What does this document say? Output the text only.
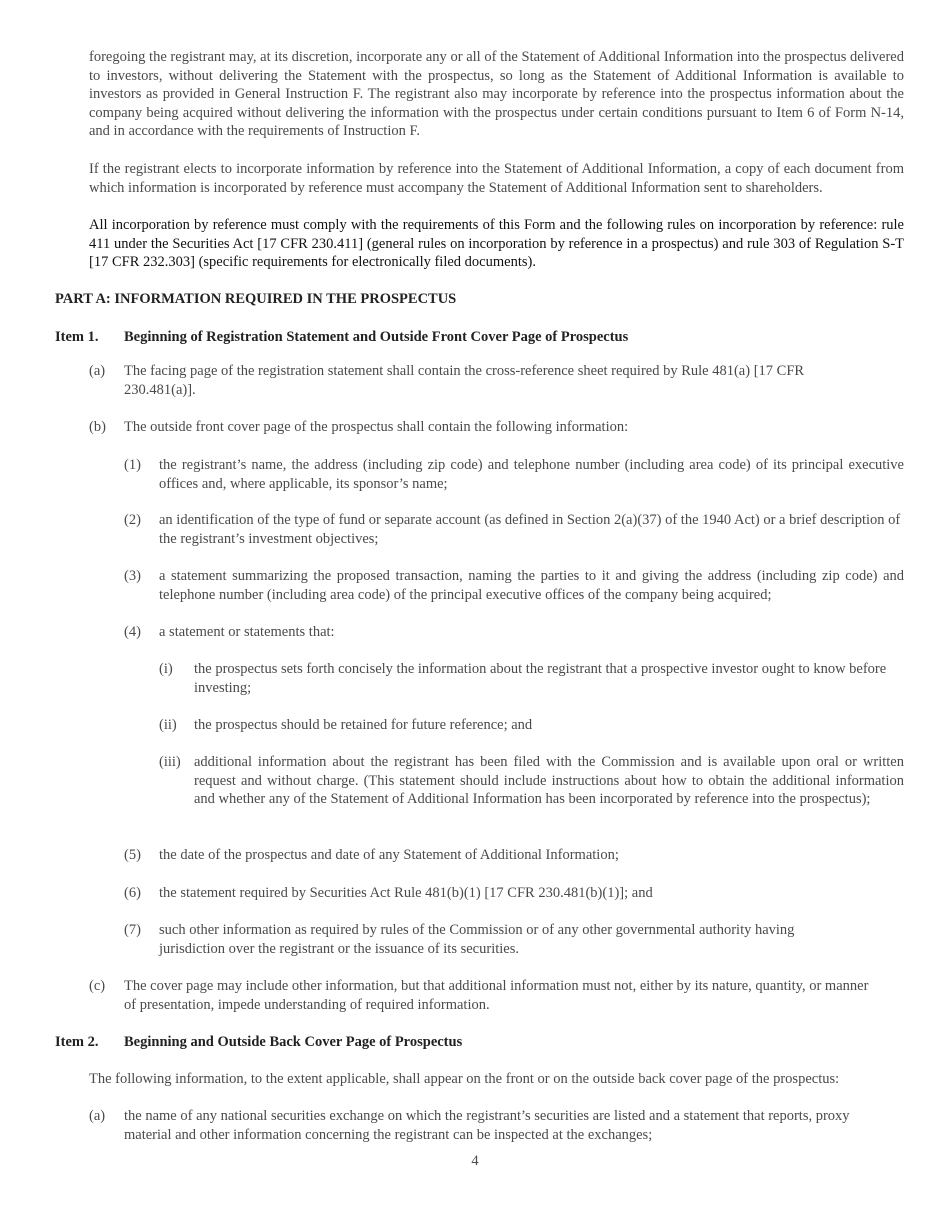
foregoing the registrant may, at its discretion, incorporate any or all of the Statement of Additional Information into the prospectus delivered to investors, without delivering the Statement with the prospectus, so long as the Statement of Additional Information is available to investors as provided in General Instruction F. The registrant also may incorporate by reference into the prospectus information about the company being acquired without delivering the information with the prospectus under certain conditions pursuant to Item 6 of Form N-14, and in accordance with the requirements of Instruction F.

If the registrant elects to incorporate information by reference into the Statement of Additional Information, a copy of each document from which information is incorporated by reference must accompany the Statement of Additional Information sent to shareholders.

All incorporation by reference must comply with the requirements of this Form and the following rules on incorporation by reference: rule 411 under the Securities Act [17 CFR 230.411] (general rules on incorporation by reference in a prospectus) and rule 303 of Regulation S-T [17 CFR 232.303] (specific requirements for electronically filed documents).

PART A: INFORMATION REQUIRED IN THE PROSPECTUS
Item 1. Beginning of Registration Statement and Outside Front Cover Page of Prospectus
(a) The facing page of the registration statement shall contain the cross-reference sheet required by Rule 481(a) [17 CFR 230.481(a)].
(b) The outside front cover page of the prospectus shall contain the following information:
(1) the registrant’s name, the address (including zip code) and telephone number (including area code) of its principal executive offices and, where applicable, its sponsor’s name;
(2) an identification of the type of fund or separate account (as defined in Section 2(a)(37) of the 1940 Act) or a brief description of the registrant’s investment objectives;
(3) a statement summarizing the proposed transaction, naming the parties to it and giving the address (including zip code) and telephone number (including area code) of the principal executive offices of the company being acquired;
(4) a statement or statements that:
(i) the prospectus sets forth concisely the information about the registrant that a prospective investor ought to know before investing;
(ii) the prospectus should be retained for future reference; and
(iii) additional information about the registrant has been filed with the Commission and is available upon oral or written request and without charge. (This statement should include instructions about how to obtain the additional information and whether any of the Statement of Additional Information has been incorporated by reference into the prospectus);
(5) the date of the prospectus and date of any Statement of Additional Information;
(6) the statement required by Securities Act Rule 481(b)(1) [17 CFR 230.481(b)(1)]; and
(7) such other information as required by rules of the Commission or of any other governmental authority having jurisdiction over the registrant or the issuance of its securities.
(c) The cover page may include other information, but that additional information must not, either by its nature, quantity, or manner of presentation, impede understanding of required information.
Item 2. Beginning and Outside Back Cover Page of Prospectus

The following information, to the extent applicable, shall appear on the front or on the outside back cover page of the prospectus:

(a) the name of any national securities exchange on which the registrant’s securities are listed and a statement that reports, proxy material and other information concerning the registrant can be inspected at the exchanges;
4
